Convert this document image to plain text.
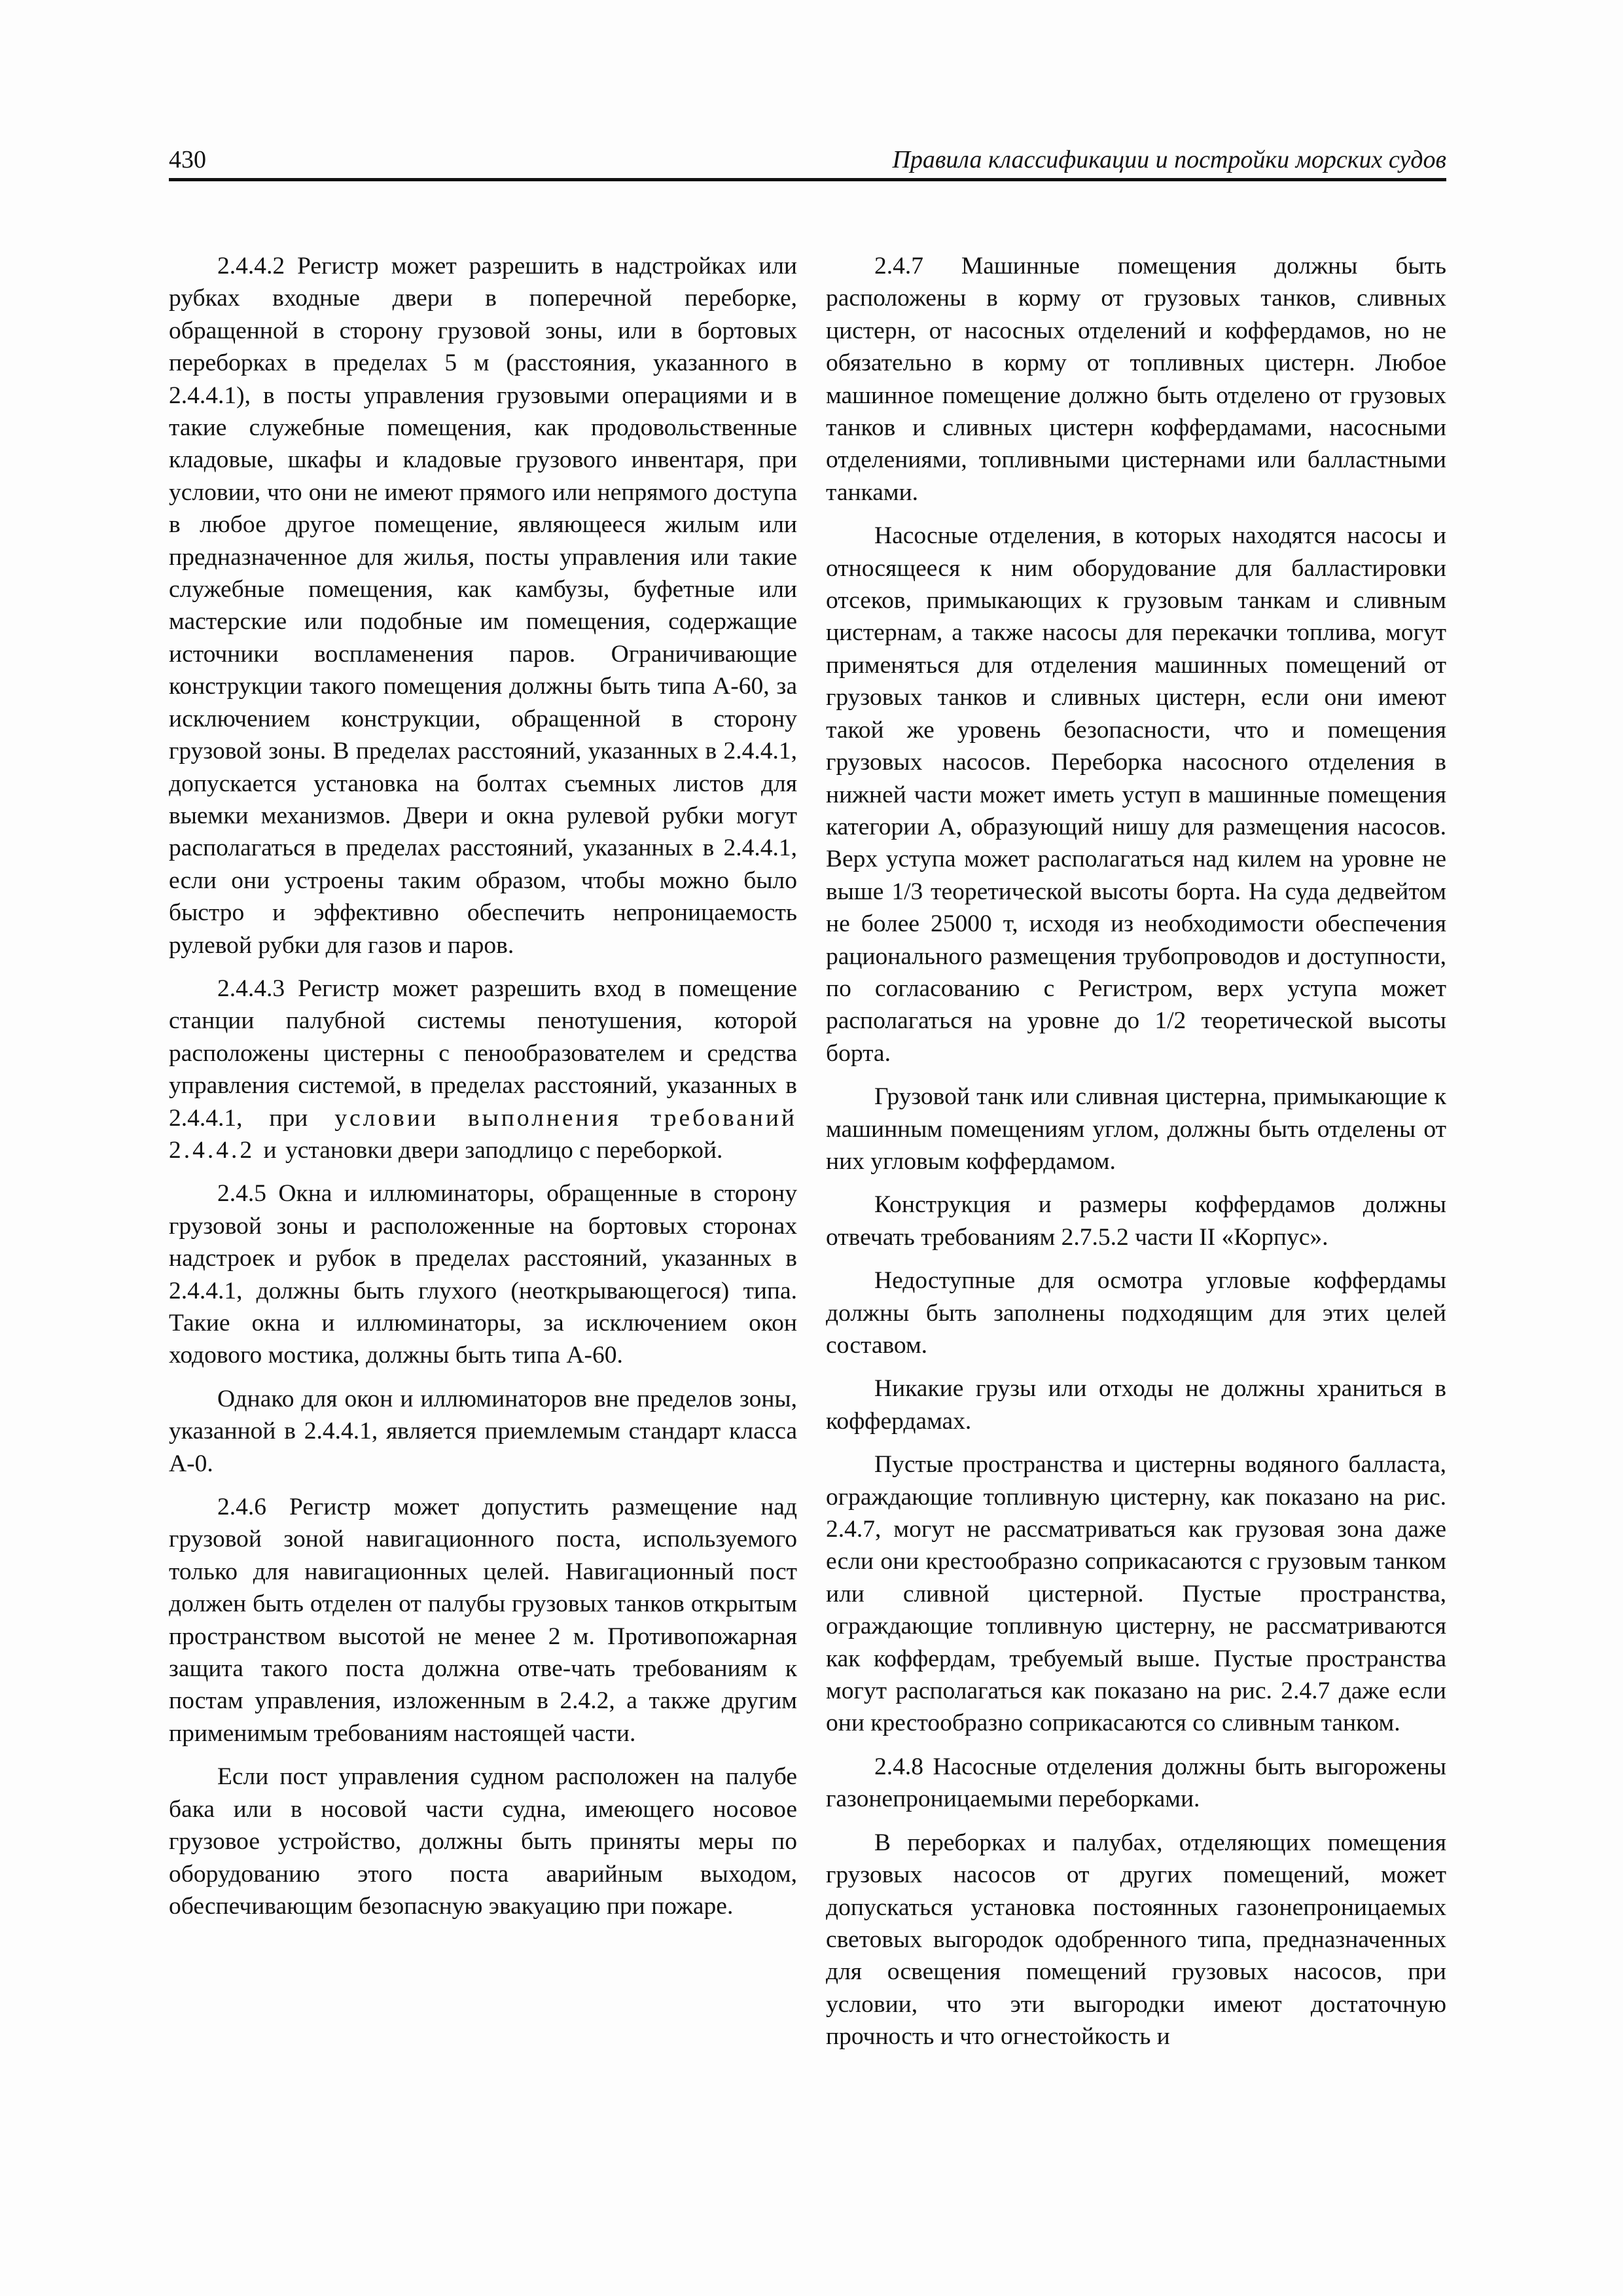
430	Правила классификации и постройки морских судов

2.4.4.2 Регистр может разрешить в надстройках или рубках входные двери в поперечной переборке, обращенной в сторону грузовой зоны, или в бортовых переборках в пределах 5 м (расстояния, указанного в 2.4.4.1), в посты управления грузовыми операциями и в такие служебные помещения, как продовольственные кладовые, шкафы и кладовые грузового инвентаря, при условии, что они не имеют прямого или непрямого доступа в любое другое помещение, являющееся жилым или предназначенное для жилья, посты управления или такие служебные помещения, как камбузы, буфетные или мастерские или подобные им помещения, содержащие источники воспламенения паров. Ограничивающие конструкции такого помещения должны быть типа А-60, за исключением конструкции, обращенной в сторону грузовой зоны. В пределах расстояний, указанных в 2.4.4.1, допускается установка на болтах съемных листов для выемки механизмов. Двери и окна рулевой рубки могут располагаться в пределах расстояний, указанных в 2.4.4.1, если они устроены таким образом, чтобы можно было быстро и эффективно обеспечить непроницаемость рулевой рубки для газов и паров.

2.4.4.3 Регистр может разрешить вход в помещение станции палубной системы пенотушения, которой расположены цистерны с пенообразователем и средства управления системой, в пределах расстояний, указанных в 2.4.4.1, при условии выполнения требований 2.4.4.2 и установки двери заподлицо с переборкой.

2.4.5 Окна и иллюминаторы, обращенные в сторону грузовой зоны и расположенные на бортовых сторонах надстроек и рубок в пределах расстояний, указанных в 2.4.4.1, должны быть глухого (неоткрывающегося) типа. Такие окна и иллюминаторы, за исключением окон ходового мостика, должны быть типа А-60.

Однако для окон и иллюминаторов вне пределов зоны, указанной в 2.4.4.1, является приемлемым стандарт класса А-0.

2.4.6 Регистр может допустить размещение над грузовой зоной навигационного поста, используемого только для навигационных целей. Навигационный пост должен быть отделен от палубы грузовых танков открытым пространством высотой не менее 2 м. Противопожарная защита такого поста должна отве-чать требованиям к постам управления, изложенным в 2.4.2, а также другим применимым требованиям настоящей части.

Если пост управления судном расположен на палубе бака или в носовой части судна, имеющего носовое грузовое устройство, должны быть приняты меры по оборудованию этого поста аварийным выходом, обеспечивающим безопасную эвакуацию при пожаре.

2.4.7 Машинные помещения должны быть расположены в корму от грузовых танков, сливных цистерн, от насосных отделений и коффердамов, но не обязательно в корму от топливных цистерн. Любое машинное помещение должно быть отделено от грузовых танков и сливных цистерн коффердамами, насосными отделениями, топливными цистернами или балластными танками.

Насосные отделения, в которых находятся насосы и относящееся к ним оборудование для балластировки отсеков, примыкающих к грузовым танкам и сливным цистернам, а также насосы для перекачки топлива, могут применяться для отделения машинных помещений от грузовых танков и сливных цистерн, если они имеют такой же уровень безопасности, что и помещения грузовых насосов. Переборка насосного отделения в нижней части может иметь уступ в машинные помещения категории А, образующий нишу для размещения насосов. Верх уступа может располагаться над килем на уровне не выше 1/3 теоретической высоты борта. На суда дедвейтом не более 25000 т, исходя из необходимости обеспечения рационального размещения трубопроводов и доступности, по согласованию с Регистром, верх уступа может располагаться на уровне до 1/2 теоретической высоты борта.

Грузовой танк или сливная цистерна, примыкающие к машинным помещениям углом, должны быть отделены от них угловым коффердамом.

Конструкция и размеры коффердамов должны отвечать требованиям 2.7.5.2 части II «Корпус».

Недоступные для осмотра угловые коффердамы должны быть заполнены подходящим для этих целей составом.

Никакие грузы или отходы не должны храниться в коффердамах.

Пустые пространства и цистерны водяного балласта, ограждающие топливную цистерну, как показано на рис. 2.4.7, могут не рассматриваться как грузовая зона даже если они крестообразно соприкасаются с грузовым танком или сливной цистерной. Пустые пространства, ограждающие топливную цистерну, не рассматриваются как коффердам, требуемый выше. Пустые пространства могут располагаться как показано на рис. 2.4.7 даже если они крестообразно соприкасаются со сливным танком.

2.4.8 Насосные отделения должны быть выгорожены газонепроницаемыми переборками.

В переборках и палубах, отделяющих помещения грузовых насосов от других помещений, может допускаться установка постоянных газонепроницаемых световых выгородок одобренного типа, предназначенных для освещения помещений грузовых насосов, при условии, что эти выгородки имеют достаточную прочность и что огнестойкость и
